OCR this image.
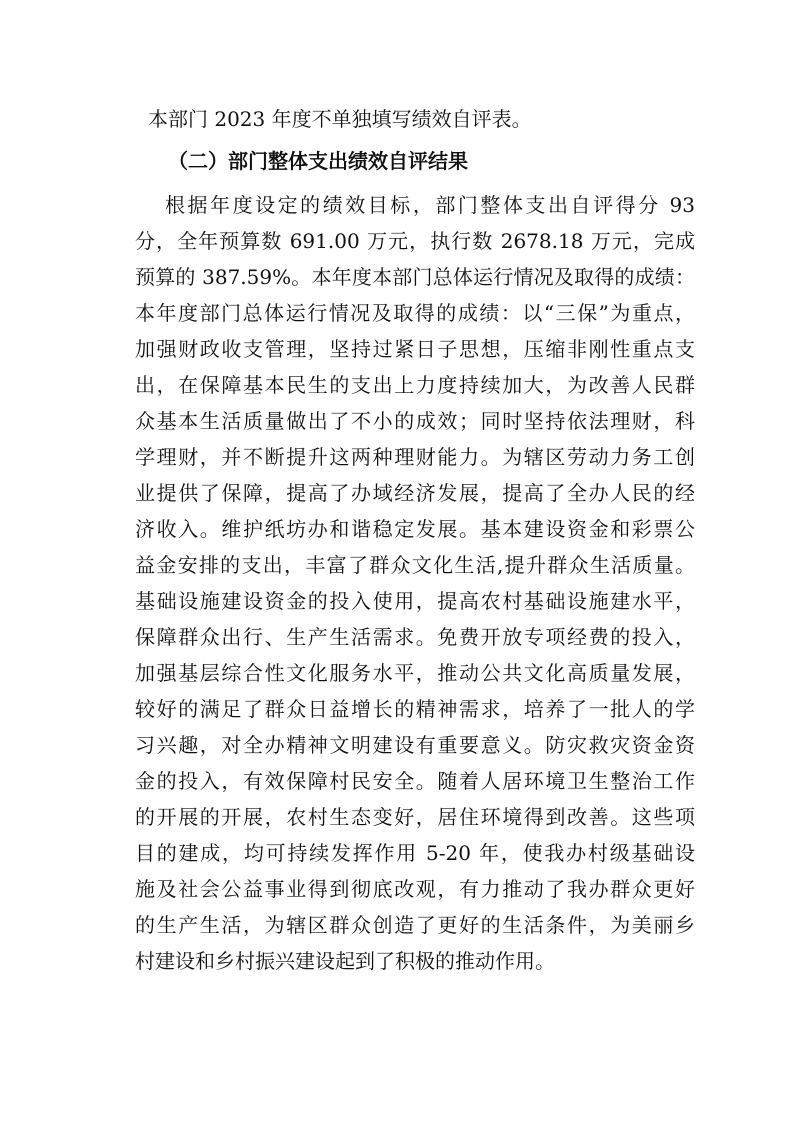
本部门 2023 年度不单独填写绩效自评表。
（二）部门整体支出绩效自评结果
根据年度设定的绩效目标，部门整体支出自评得分 93
分，全年预算数 691.00 万元，执行数 2678.18 万元，完成
预算的 387.59%。本年度本部门总体运行情况及取得的成绩：
本年度部门总体运行情况及取得的成绩：以“三保”为重点，
加强财政收支管理，坚持过紧日子思想，压缩非刚性重点支
出，在保障基本民生的支出上力度持续加大，为改善人民群
众基本生活质量做出了不小的成效；同时坚持依法理财，科
学理财，并不断提升这两种理财能力。为辖区劳动力务工创
业提供了保障，提高了办域经济发展，提高了全办人民的经
济收入。维护纸坊办和谐稳定发展。基本建设资金和彩票公
益金安排的支出，丰富了群众文化生活,提升群众生活质量。
基础设施建设资金的投入使用，提高农村基础设施建水平，
保障群众出行、生产生活需求。免费开放专项经费的投入，
加强基层综合性文化服务水平，推动公共文化高质量发展，
较好的满足了群众日益增长的精神需求，培养了一批人的学
习兴趣，对全办精神文明建设有重要意义。防灾救灾资金资
金的投入，有效保障村民安全。随着人居环境卫生整治工作
的开展的开展，农村生态变好，居住环境得到改善。这些项
目的建成，均可持续发挥作用 5-20 年，使我办村级基础设
施及社会公益事业得到彻底改观，有力推动了我办群众更好
的生产生活，为辖区群众创造了更好的生活条件，为美丽乡
村建设和乡村振兴建设起到了积极的推动作用。
